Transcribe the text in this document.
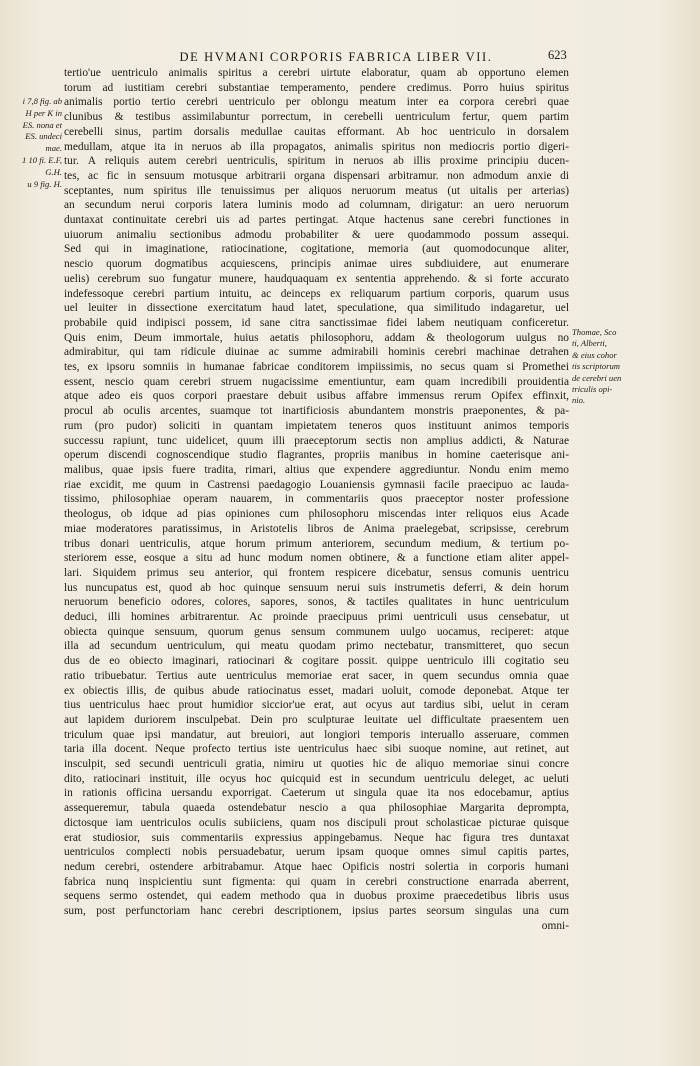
DE HVMANI CORPORIS FABRICA LIBER VII.	623
i 7,8 fig. ab
H per K in
ES. nona et
ES. undeci
mae.
1 10 fi. E.F,
G.H.
u 9 fig. H.
Thomae, Sco
ti, Alberti,
& eius cohor
tis scriptorum
de cerebri uen
triculis opi-
nio.
tertio'ue uentriculo animalis spiritus a cerebri uirtute elaboratur, quam ab opportuno elemen
torum ad iustitiam cerebri substantiae temperamento, pendere credimus. Porro huius spiritus
animalis portio tertio cerebri uentriculo per oblongu meatum inter ea corpora cerebri quae
clunibus & testibus assimilabuntur porrectum, in cerebelli uentriculum fertur, quem partim
cerebelli sinus, partim dorsalis medullae cauitas efformant. Ab hoc uentriculo in dorsalem
medullam, atque ita in neruos ab illa propagatos, animalis spiritus non mediocris portio digeri-
tur. A reliquis autem cerebri uentriculis, spiritum in neruos ab illis proxime principiu ducen-
tes, ac fic in sensuum motusque arbitrarii organa dispensari arbitramur. non admodum anxie di
sceptantes, num spiritus ille tenuissimus per aliquos neruorum meatus (ut uitalis per arterias)
an secundum nerui corporis latera luminis modo ad columnam, dirigatur: an uero neruorum
duntaxat continuitate cerebri uis ad partes pertingat. Atque hactenus sane cerebri functiones in
uiuorum animaliu sectionibus admodu probabiliter & uere quodammodo possum assequi.
Sed qui in imaginatione, ratiocinatione, cogitatione, memoria (aut quomodocunque aliter,
nescio quorum dogmatibus acquiescens, principis animae uires subdiuidere, aut enumerare
uelis) cerebrum suo fungatur munere, haudquaquam ex sententia apprehendo. & si forte accurato
indefessoque cerebri partium intuitu, ac deinceps ex reliquarum partium corporis, quarum usus
uel leuiter in dissectione exercitatum haud latet, speculatione, qua similitudo indagaretur, uel
probabile quid indipisci possem, id sane citra sanctissimae fidei labem neutiquam conficeretur.
Quis enim, Deum immortale, huius aetatis philosophoru, addam & theologorum uulgus no
admirabitur, qui tam ridicule diuinae ac summe admirabili hominis cerebri machinae detrahen
tes, ex ipsoru somniis in humanae fabricae conditorem impiissimis, no secus quam si Promethei
essent, nescio quam cerebri struem nugacissime ementiuntur, eam quam incredibili prouidentia
atque adeo eis quos corpori praestare debuit usibus affabre immensus rerum Opifex effinxit,
procul ab oculis arcentes, suamque tot inartificiosis abundantem monstris praeponentes, & pa-
rum (pro pudor) soliciti in quantam impietatem teneros quos instituunt animos temporis
successu rapiunt, tunc uidelicet, quum illi praeceptorum sectis non amplius addicti, & Naturae
operum discendi cognoscendique studio flagrantes, propriis manibus in homine caeterisque ani-
malibus, quae ipsis fuere tradita, rimari, altius que expendere aggrediuntur. Nondu enim memo
riae excidit, me quum in Castrensi paedagogio Louaniensis gymnasii facile praecipuo ac lauda-
tissimo, philosophiae operam nauarem, in commentariis quos praeceptor noster professione
theologus, ob idque ad pias opiniones cum philosophoru miscendas inter reliquos eius Acade
miae moderatores paratissimus, in Aristotelis libros de Anima praelegebat, scripsisse, cerebrum
tribus donari uentriculis, atque horum primum anteriorem, secundum medium, & tertium po-
steriorem esse, eosque a situ ad hunc modum nomen obtinere, & a functione etiam aliter appel-
lari. Siquidem primus seu anterior, qui frontem respicere dicebatur, sensus comunis uentricu
lus nuncupatus est, quod ab hoc quinque sensuum nerui suis instrumetis deferri, & dein horum
neruorum beneficio odores, colores, sapores, sonos, & tactiles qualitates in hunc uentriculum
deduci, illi homines arbitrarentur. Ac proinde praecipuus primi uentriculi usus censebatur, ut
obiecta quinque sensuum, quorum genus sensum communem uulgo uocamus, reciperet: atque
illa ad secundum uentriculum, qui meatu quodam primo nectebatur, transmitteret, quo secun
dus de eo obiecto imaginari, ratiocinari & cogitare possit. quippe uentriculo illi cogitatio seu
ratio tribuebatur. Tertius aute uentriculus memoriae erat sacer, in quem secundus omnia quae
ex obiectis illis, de quibus abude ratiocinatus esset, madari uoluit, comode deponebat. Atque ter
tius uentriculus haec prout humidior siccior'ue erat, aut ocyus aut tardius sibi, uelut in ceram
aut lapidem duriorem insculpebat. Dein pro sculpturae leuitate uel difficultate praesentem uen
triculum quae ipsi mandatur, aut breuiori, aut longiori temporis interuallo asseruare, commen
taria illa docent. Neque profecto tertius iste uentriculus haec sibi suoque nomine, aut retinet, aut
insculpit, sed secundi uentriculi gratia, nimiru ut quoties hic de aliquo memoriae sinui concre
dito, ratiocinari instituit, ille ocyus hoc quicquid est in secundum uentriculu deleget, ac ueluti
in rationis officina uersandu exporrigat. Caeterum ut singula quae ita nos edocebamur, aptius
assequeremur, tabula quaeda ostendebatur nescio a qua philosophiae Margarita deprompta,
dictosque iam uentriculos oculis subiiciens, quam nos discipuli prout scholasticae picturae quisque
erat studiosior, suis commentariis expressius appingebamus. Neque hac figura tres duntaxat
uentriculos complecti nobis persuadebatur, uerum ipsam quoque omnes simul capitis partes,
nedum cerebri, ostendere arbitrabamur. Atque haec Opificis nostri solertia in corporis humani
fabrica nunq inspicientiu sunt figmenta: qui quam in cerebri constructione enarrada aberrent,
sequens sermo ostendet, qui eadem methodo qua in duobus proxime praecedetibus libris usus
sum, post perfunctoriam hanc cerebri descriptionem, ipsius partes seorsum singulas una cum
omni-
